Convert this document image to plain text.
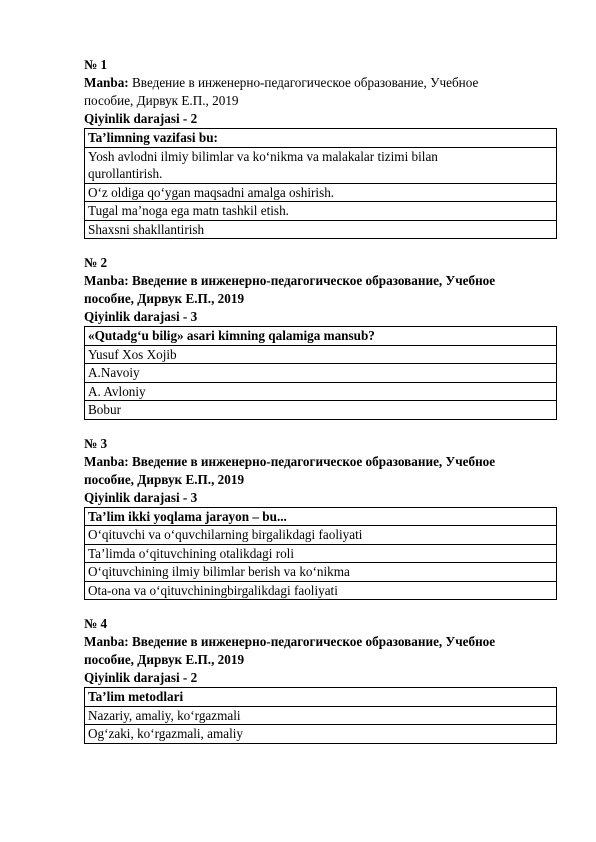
№ 1
Manba: Введение в инженерно-педагогическое образование, Учебное
пособие, Дирвук Е.П., 2019
Qiyinlik darajasi - 2
Ta’limning vazifasi bu:
Yosh avlodni ilmiy bilimlar va ko‘nikma va malakalar tizimi bilan
qurollantirish.
O‘z oldiga qo‘ygan maqsadni amalga oshirish.
Tugal ma’noga ega matn tashkil etish.
Shaxsni shakllantirish
№ 2
Manba: Введение в инженерно-педагогическое образование, Учебное
пособие, Дирвук Е.П., 2019
Qiyinlik darajasi - 3
«Qutadg‘u bilig» asari kimning qalamiga mansub?
Yusuf Xos Xojib
A.Navoiy
A. Avloniy
Bobur
№ 3
Manba: Введение в инженерно-педагогическое образование, Учебное
пособие, Дирвук Е.П., 2019
Qiyinlik darajasi - 3
Ta’lim ikki yoqlama jarayon – bu...
O‘qituvchi va o‘quvchilarning birgalikdagi faoliyati
Ta’limda o‘qituvchining otalikdagi roli
O‘qituvchining ilmiy bilimlar berish va ko‘nikma
Ota-ona va o‘qituvchiningbirgalikdagi faoliyati
№ 4
Manba: Введение в инженерно-педагогическое образование, Учебное
пособие, Дирвук Е.П., 2019
Qiyinlik darajasi - 2
Ta’lim metodlari
Nazariy, amaliy, ko‘rgazmali
Og‘zaki, ko‘rgazmali, amaliy
